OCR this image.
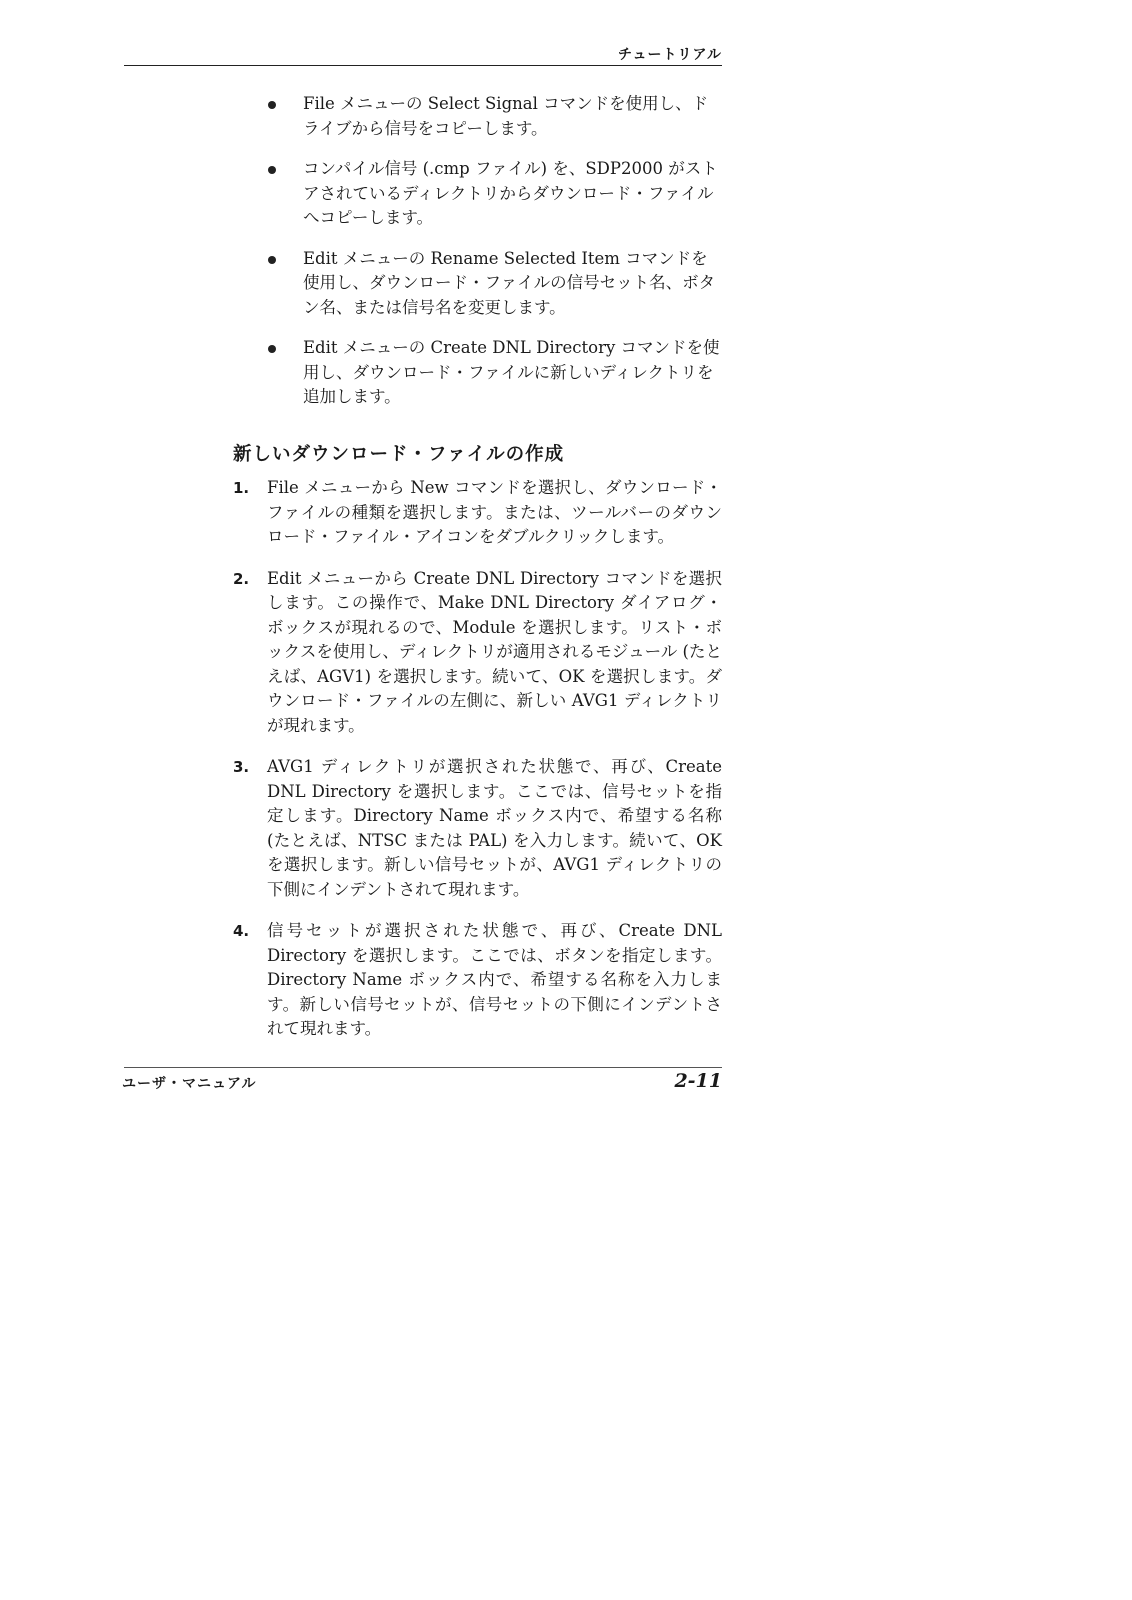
チュートリアル

File メニューの Select Signal コマンドを使用し、ドライブから信号をコピーします。
コンパイル信号 (.cmp ファイル) を、SDP2000 がストアされているディレクトリからダウンロード・ファイルへコピーします。
Edit メニューの Rename Selected Item コマンドを使用し、ダウンロード・ファイルの信号セット名、ボタン名、または信号名を変更します。
Edit メニューの Create DNL Directory コマンドを使用し、ダウンロード・ファイルに新しいディレクトリを追加します。
新しいダウンロード・ファイルの作成
1. File メニューから New コマンドを選択し、ダウンロード・ファイルの種類を選択します。または、ツールバーのダウンロード・ファイル・アイコンをダブルクリックします。
2. Edit メニューから Create DNL Directory コマンドを選択します。この操作で、Make DNL Directory ダイアログ・ボックスが現れるので、Module を選択します。リスト・ボックスを使用し、ディレクトリが適用されるモジュール (たとえば、AGV1) を選択します。続いて、OK を選択します。ダウンロード・ファイルの左側に、新しい AVG1 ディレクトリが現れます。
3. AVG1 ディレクトリが選択された状態で、再び、Create DNL Directory を選択します。ここでは、信号セットを指定します。Directory Name ボックス内で、希望する名称 (たとえば、NTSC または PAL) を入力します。続いて、OK を選択します。新しい信号セットが、AVG1 ディレクトリの下側にインデントされて現れます。
4. 信号セットが選択された状態で、再び、Create DNL Directory を選択します。ここでは、ボタンを指定します。Directory Name ボックス内で、希望する名称を入力します。新しい信号セットが、信号セットの下側にインデントされて現れます。

ユーザ・マニュアル	2-11
